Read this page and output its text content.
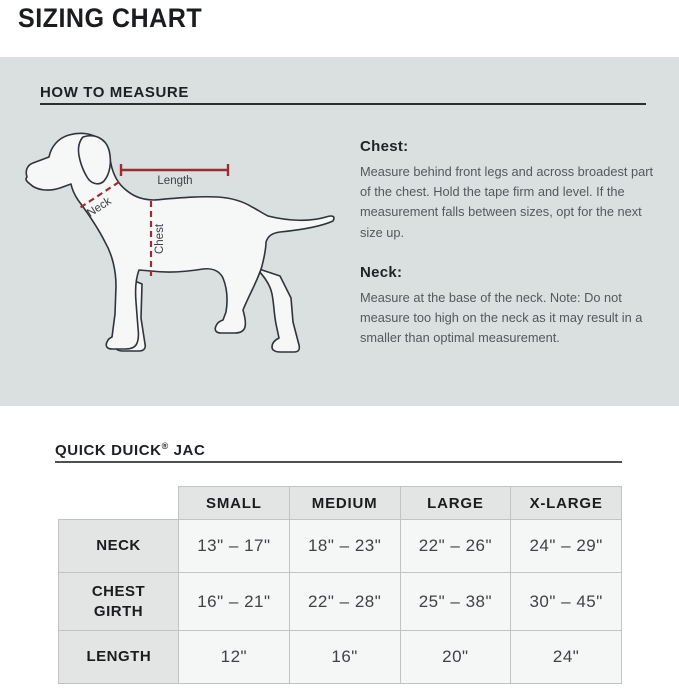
SIZING CHART
HOW TO MEASURE
Length
Neck
Chest
Chest:

Measure behind front legs and across broadest part of the chest. Hold the tape firm and level. If the measurement falls between sizes, opt for the next size up.

Neck:

Measure at the base of the neck. Note: Do not measure too high on the neck as it may result in a smaller than optimal measurement.

QUICK DUICK® JAC
	SMALL	MEDIUM	LARGE	X-LARGE
NECK	13" – 17"	18" – 23"	22" – 26"	24" – 29"
CHEST GIRTH	16" – 21"	22" – 28"	25" – 38"	30" – 45"
LENGTH	12"	16"	20"	24"
